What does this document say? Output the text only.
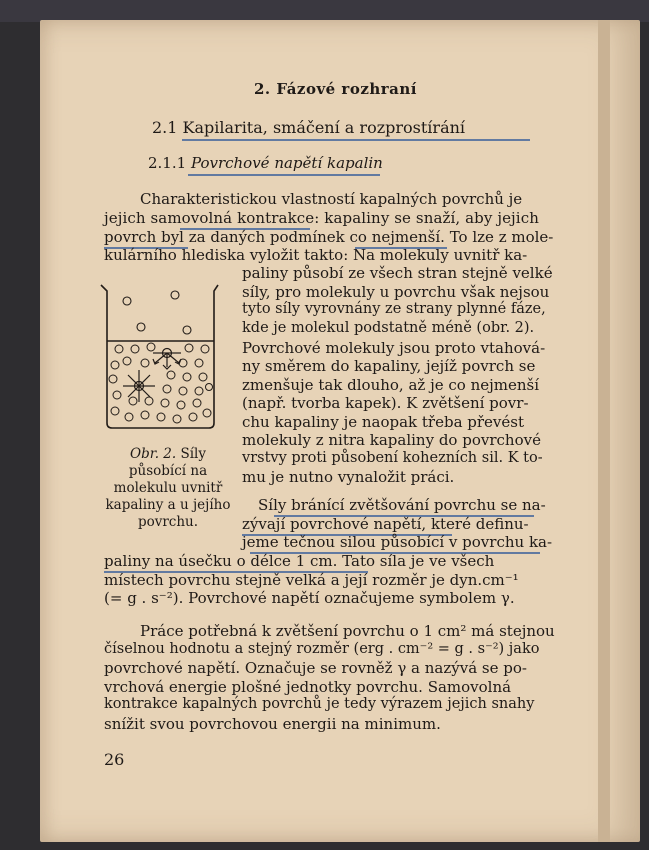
2. Fázové rozhraní
2.1 Kapilarita, smáčení a rozprostírání
2.1.1 Povrchové napětí kapalin
Charakteristickou vlastností kapalných povrchů je
jejich samovolná kontrakce: kapaliny se snaží, aby jejich
povrch byl za daných podmínek co nejmenší. To lze z mole-
kulárního hlediska vyložit takto: Na molekuly uvnitř ka-
paliny působí ze všech stran stejně velké
síly, pro molekuly u povrchu však nejsou
tyto síly vyrovnány ze strany plynné fáze,
kde je molekul podstatně méně (obr. 2).
Povrchové molekuly jsou proto vtahová-
ny směrem do kapaliny, jejíž povrch se
zmenšuje tak dlouho, až je co nejmenší
(např. tvorba kapek). K zvětšení povr-
chu kapaliny je naopak třeba převést
molekuly z nitra kapaliny do povrchové
vrstvy proti působení kohezních sil. K to-
mu je nutno vynaložit práci.
Síly bránící zvětšování povrchu se na-
zývají povrchové napětí, které definu-
jeme tečnou silou působící v povrchu ka-
paliny na úsečku o délce 1 cm. Tato síla je ve všech
místech povrchu stejně velká a její rozměr je dyn.cm⁻¹
(= g . s⁻²). Povrchové napětí označujeme symbolem γ.
Práce potřebná k zvětšení povrchu o 1 cm² má stejnou
číselnou hodnotu a stejný rozměr (erg . cm⁻² = g . s⁻²) jako
povrchové napětí. Označuje se rovněž γ a nazývá se po-
vrchová energie plošné jednotky povrchu. Samovolná
kontrakce kapalných povrchů je tedy výrazem jejich snahy
snížit svou povrchovou energii na minimum.
Obr. 2. Síly působící na molekulu uvnitř kapaliny a u jejího povrchu.
26
